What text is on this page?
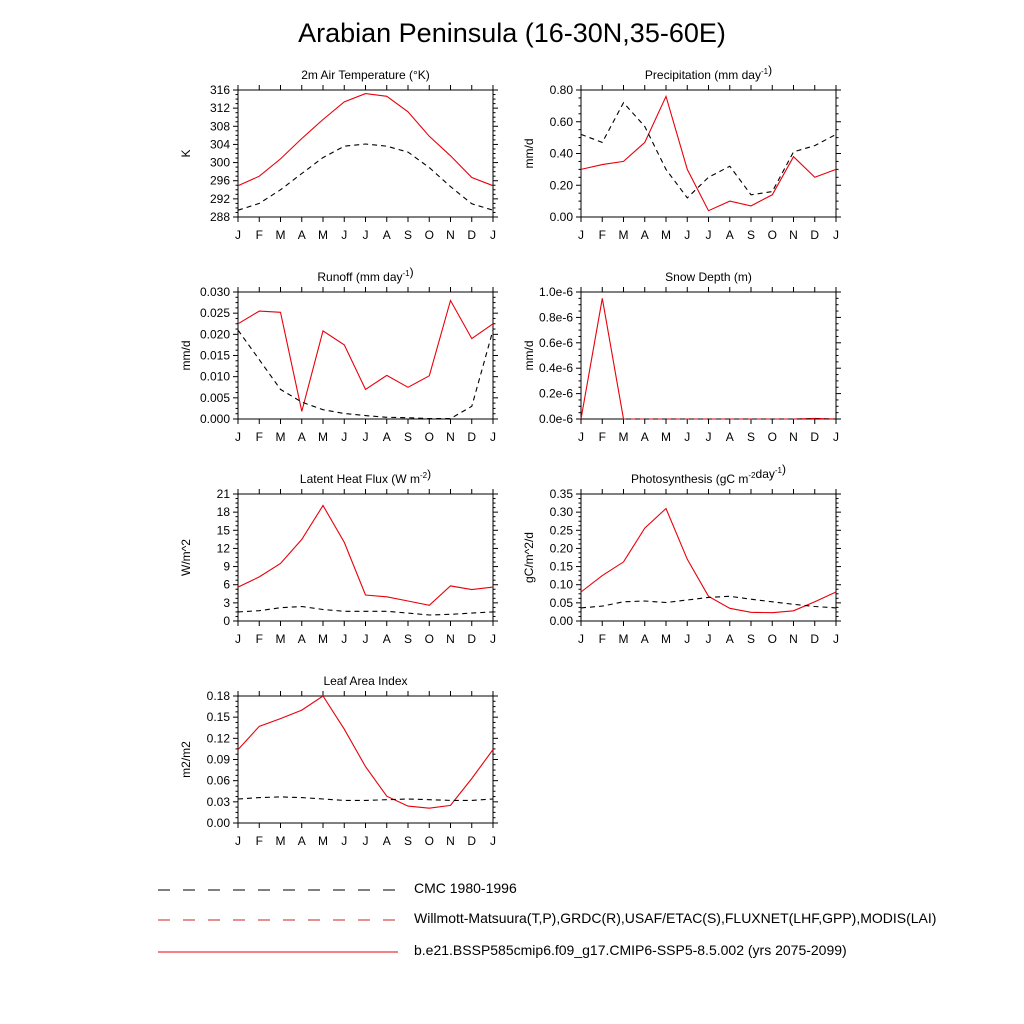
Arabian Peninsula (16-30N,35-60E)
2m Air Temperature (°K)
K
288
292
296
300
304
308
312
316
J F M A M J J A S O N D J
Precipitation (mm day$^{-1}$)
mm/d
0.00
0.20
0.40
0.60
0.80
J F M A M J J A S O N D J
Runoff (mm day$^{-1}$)
mm/d
0.000
0.005
0.010
0.015
0.020
0.025
0.030
J F M A M J J A S O N D J
Snow Depth (m)
mm/d
0.0e-6
0.2e-6
0.4e-6
0.6e-6
0.8e-6
1.0e-6
J F M A M J J A S O N D J
Latent Heat Flux (W $m^{-2}$)
W/m^2
0
3
6
9
12
15
18
21
J F M A M J J A S O N D J
Photosynthesis (gC $m^{-2}day^{-1}$)
gC/m^2/d
0.00
0.05
0.10
0.15
0.20
0.25
0.30
0.35
J F M A M J J A S O N D J
Leaf Area Index
m2/m2
0.00
0.03
0.06
0.09
0.12
0.15
0.18
J F M A M J J A S O N D J
CMC 1980-1996
Willmott-Matsuura(T,P),GRDC(R),USAF/ETAC(S),FLUXNET(LHF,GPP),MODIS(LAI)
b.e21.BSSP585cmip6.f09_g17.CMIP6-SSP5-8.5.002 (yrs 2075-2099)
